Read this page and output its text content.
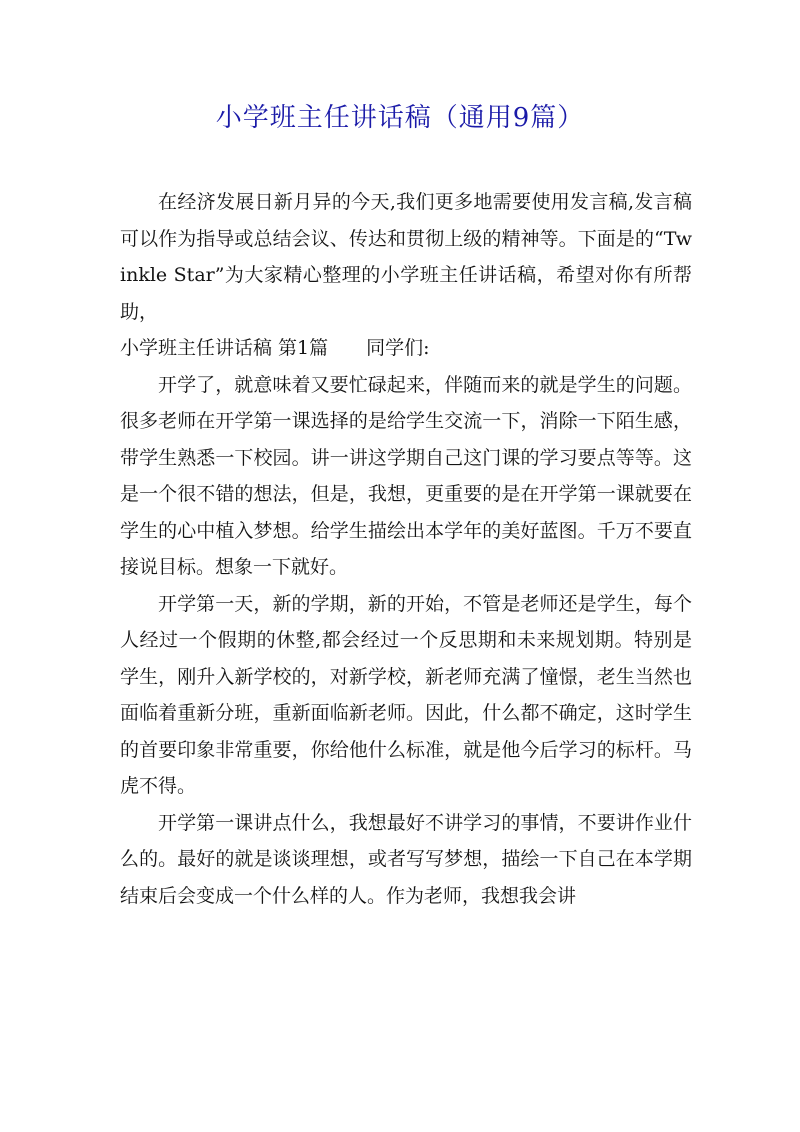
小学班主任讲话稿（通用9篇）

在经济发展日新月异的今天,我们更多地需要使用发言稿,发言稿可以作为指导或总结会议、传达和贯彻上级的精神等。下面是的“Twinkle Star”为大家精心整理的小学班主任讲话稿，希望对你有所帮助，

小学班主任讲话稿 第1篇 同学们:

开学了，就意味着又要忙碌起来，伴随而来的就是学生的问题。很多老师在开学第一课选择的是给学生交流一下，消除一下陌生感，带学生熟悉一下校园。讲一讲这学期自己这门课的学习要点等等。这是一个很不错的想法，但是，我想，更重要的是在开学第一课就要在学生的心中植入梦想。给学生描绘出本学年的美好蓝图。千万不要直接说目标。想象一下就好。

开学第一天，新的学期，新的开始，不管是老师还是学生，每个人经过一个假期的休整,都会经过一个反思期和未来规划期。特别是学生，刚升入新学校的，对新学校，新老师充满了憧憬，老生当然也面临着重新分班，重新面临新老师。因此，什么都不确定，这时学生的首要印象非常重要，你给他什么标准，就是他今后学习的标杆。马虎不得。

开学第一课讲点什么，我想最好不讲学习的事情，不要讲作业什么的。最好的就是谈谈理想，或者写写梦想，描绘一下自己在本学期结束后会变成一个什么样的人。作为老师，我想我会讲
